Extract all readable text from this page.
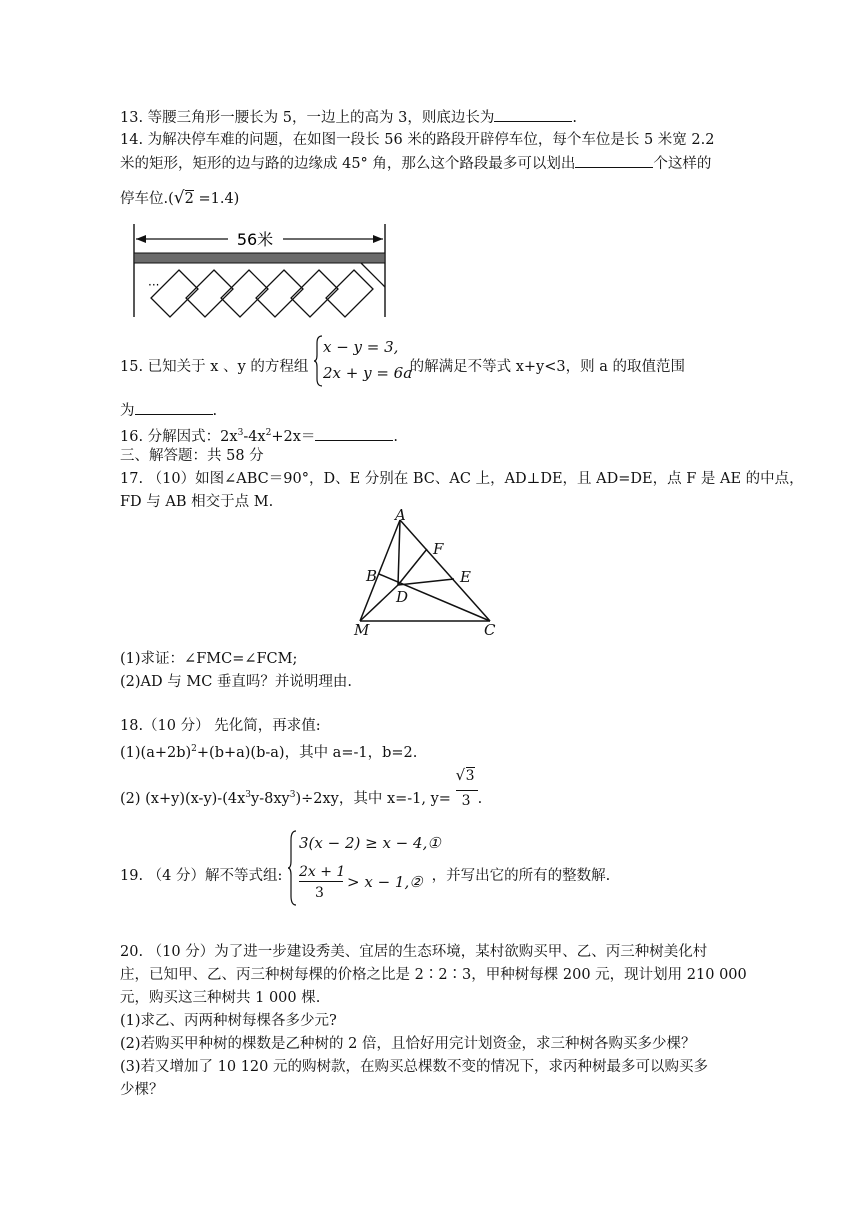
13. 等腰三角形一腰长为 5，一边上的高为 3，则底边长为	.
14. 为解决停车难的问题，在如图一段长 56 米的路段开辟停车位，每个车位是长 5 米宽 2.2
米的矩形，矩形的边与路的边缘成 45° 角，那么这个路段最多可以划出	个这样的
停车位.(√2 =1.4)
56米
···
15. 已知关于 x 、y 的方程组
x − y = 3,
2x + y = 6a
的解满足不等式 x+y<3，则 a 的取值范围
为	.
16. 分解因式：$2x^3-4x^2+2x=$	.
三、解答题：共 58 分
17. （10）如图∠ABC＝90°，D、E 分别在 BC、AC 上，AD⊥DE，且 AD=DE，点 F 是 AE 的中点，
FD 与 AB 相交于点 M.
A
F
B	E
D
M	C
(1)求证：∠FMC=∠FCM;
(2)AD 与 MC 垂直吗？并说明理由.
18.（10 分） 先化简，再求值:
$(1)(a+2b)^2+(b+a)(b-a)$，其中 a=-1，b=2.
(2) $(x+y)(x-y)-(4x^3y-8xy^3)\div 2xy$，其中 x=-1, y=
√ 3
3 .
19. （4 分）解不等式组:
3(x − 2) ≥ x − 4,①
2x + 1
3
> x − 1,② ，并写出它的所有的整数解.
20. （10 分）为了进一步建设秀美、宜居的生态环境，某村欲购买甲、乙、丙三种树美化村
庄，已知甲、乙、丙三种树每棵的价格之比是 2∶2∶3，甲种树每棵 200 元，现计划用 210 000
元，购买这三种树共 1 000 棵.
(1)求乙、丙两种树每棵各多少元?
(2)若购买甲种树的棵数是乙种树的 2 倍，且恰好用完计划资金，求三种树各购买多少棵？
(3)若又增加了 10 120 元的购树款，在购买总棵数不变的情况下，求丙种树最多可以购买多
少棵？
